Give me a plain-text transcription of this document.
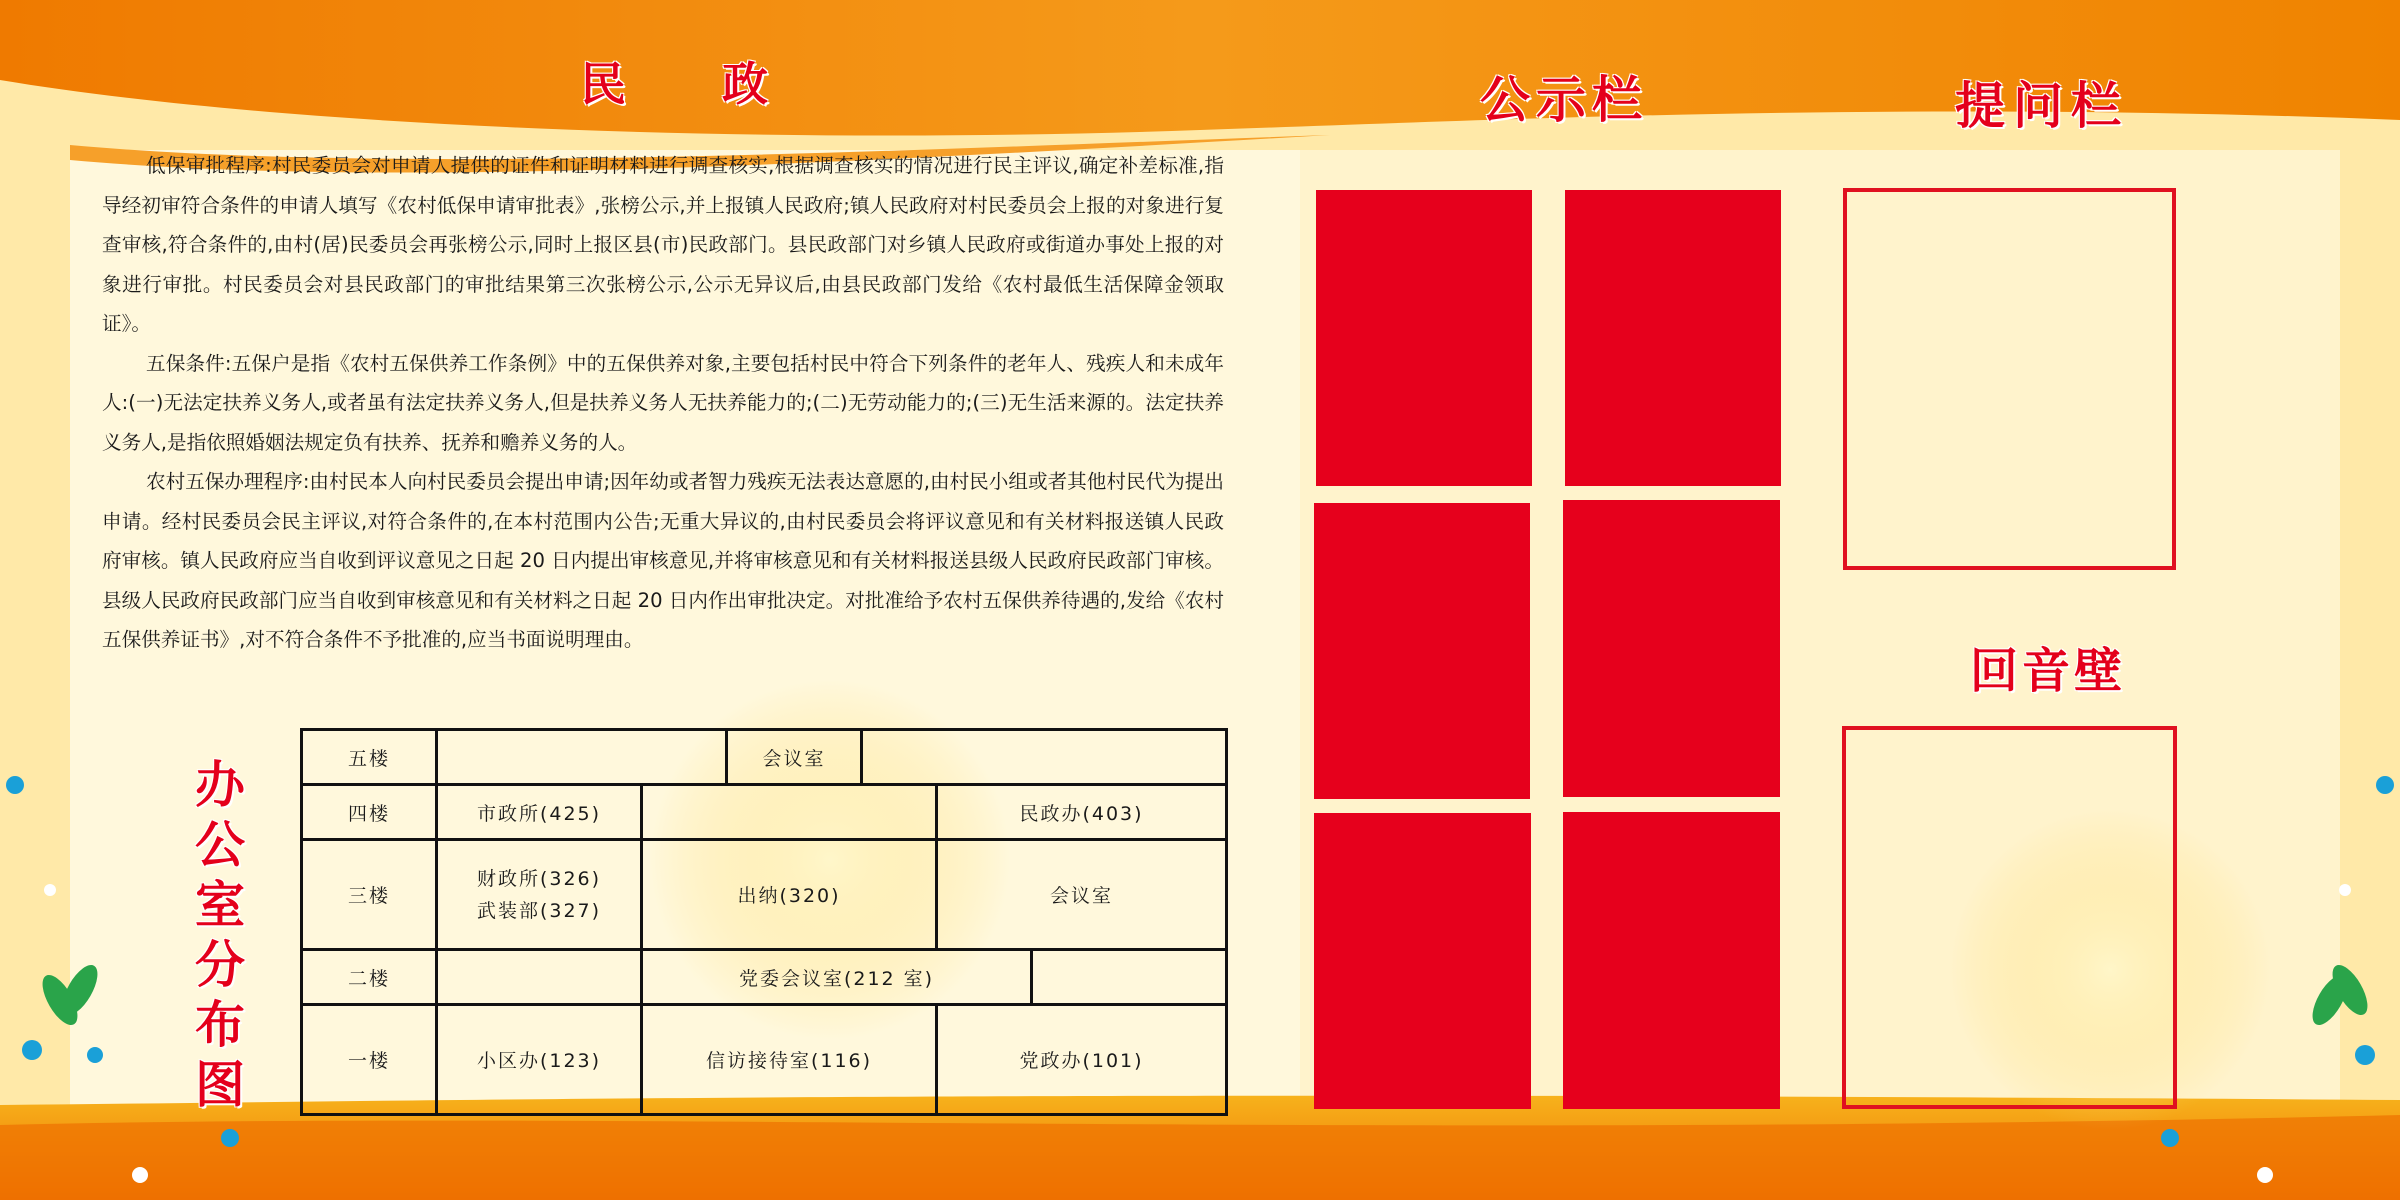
民 政	公示栏	提问栏
回音壁

低保审批程序:村民委员会对申请人提供的证件和证明材料进行调查核实,根据调查核实的情况进行民主评议,确定补差标准,指导经初审符合条件的申请人填写《农村低保申请审批表》,张榜公示,并上报镇人民政府;镇人民政府对村民委员会上报的对象进行复查审核,符合条件的,由村(居)民委员会再张榜公示,同时上报区县(市)民政部门。县民政部门对乡镇人民政府或街道办事处上报的对象进行审批。村民委员会对县民政部门的审批结果第三次张榜公示,公示无异议后,由县民政部门发给《农村最低生活保障金领取证》。

五保条件:五保户是指《农村五保供养工作条例》中的五保供养对象,主要包括村民中符合下列条件的老年人、残疾人和未成年人:(一)无法定扶养义务人,或者虽有法定扶养义务人,但是扶养义务人无扶养能力的;(二)无劳动能力的;(三)无生活来源的。法定扶养义务人,是指依照婚姻法规定负有扶养、抚养和赡养义务的人。

农村五保办理程序:由村民本人向村民委员会提出申请;因年幼或者智力残疾无法表达意愿的,由村民小组或者其他村民代为提出申请。经村民委员会民主评议,对符合条件的,在本村范围内公告;无重大异议的,由村民委员会将评议意见和有关材料报送镇人民政府审核。镇人民政府应当自收到评议意见之日起 20 日内提出审核意见,并将审核意见和有关材料报送县级人民政府民政部门审核。县级人民政府民政部门应当自收到审核意见和有关材料之日起 20 日内作出审批决定。对批准给予农村五保供养待遇的,发给《农村五保供养证书》,对不符合条件不予批准的,应当书面说明理由。

办公室分布图
五楼			会议室			
四楼	市政所(425)				民政办(403)	
三楼	财政所(326)
武装部(327)	出纳(320)			会议室	
二楼		党委会议室(212 室)				
一楼	小区办(123)	信访接待室(116)			党政办(101)	
